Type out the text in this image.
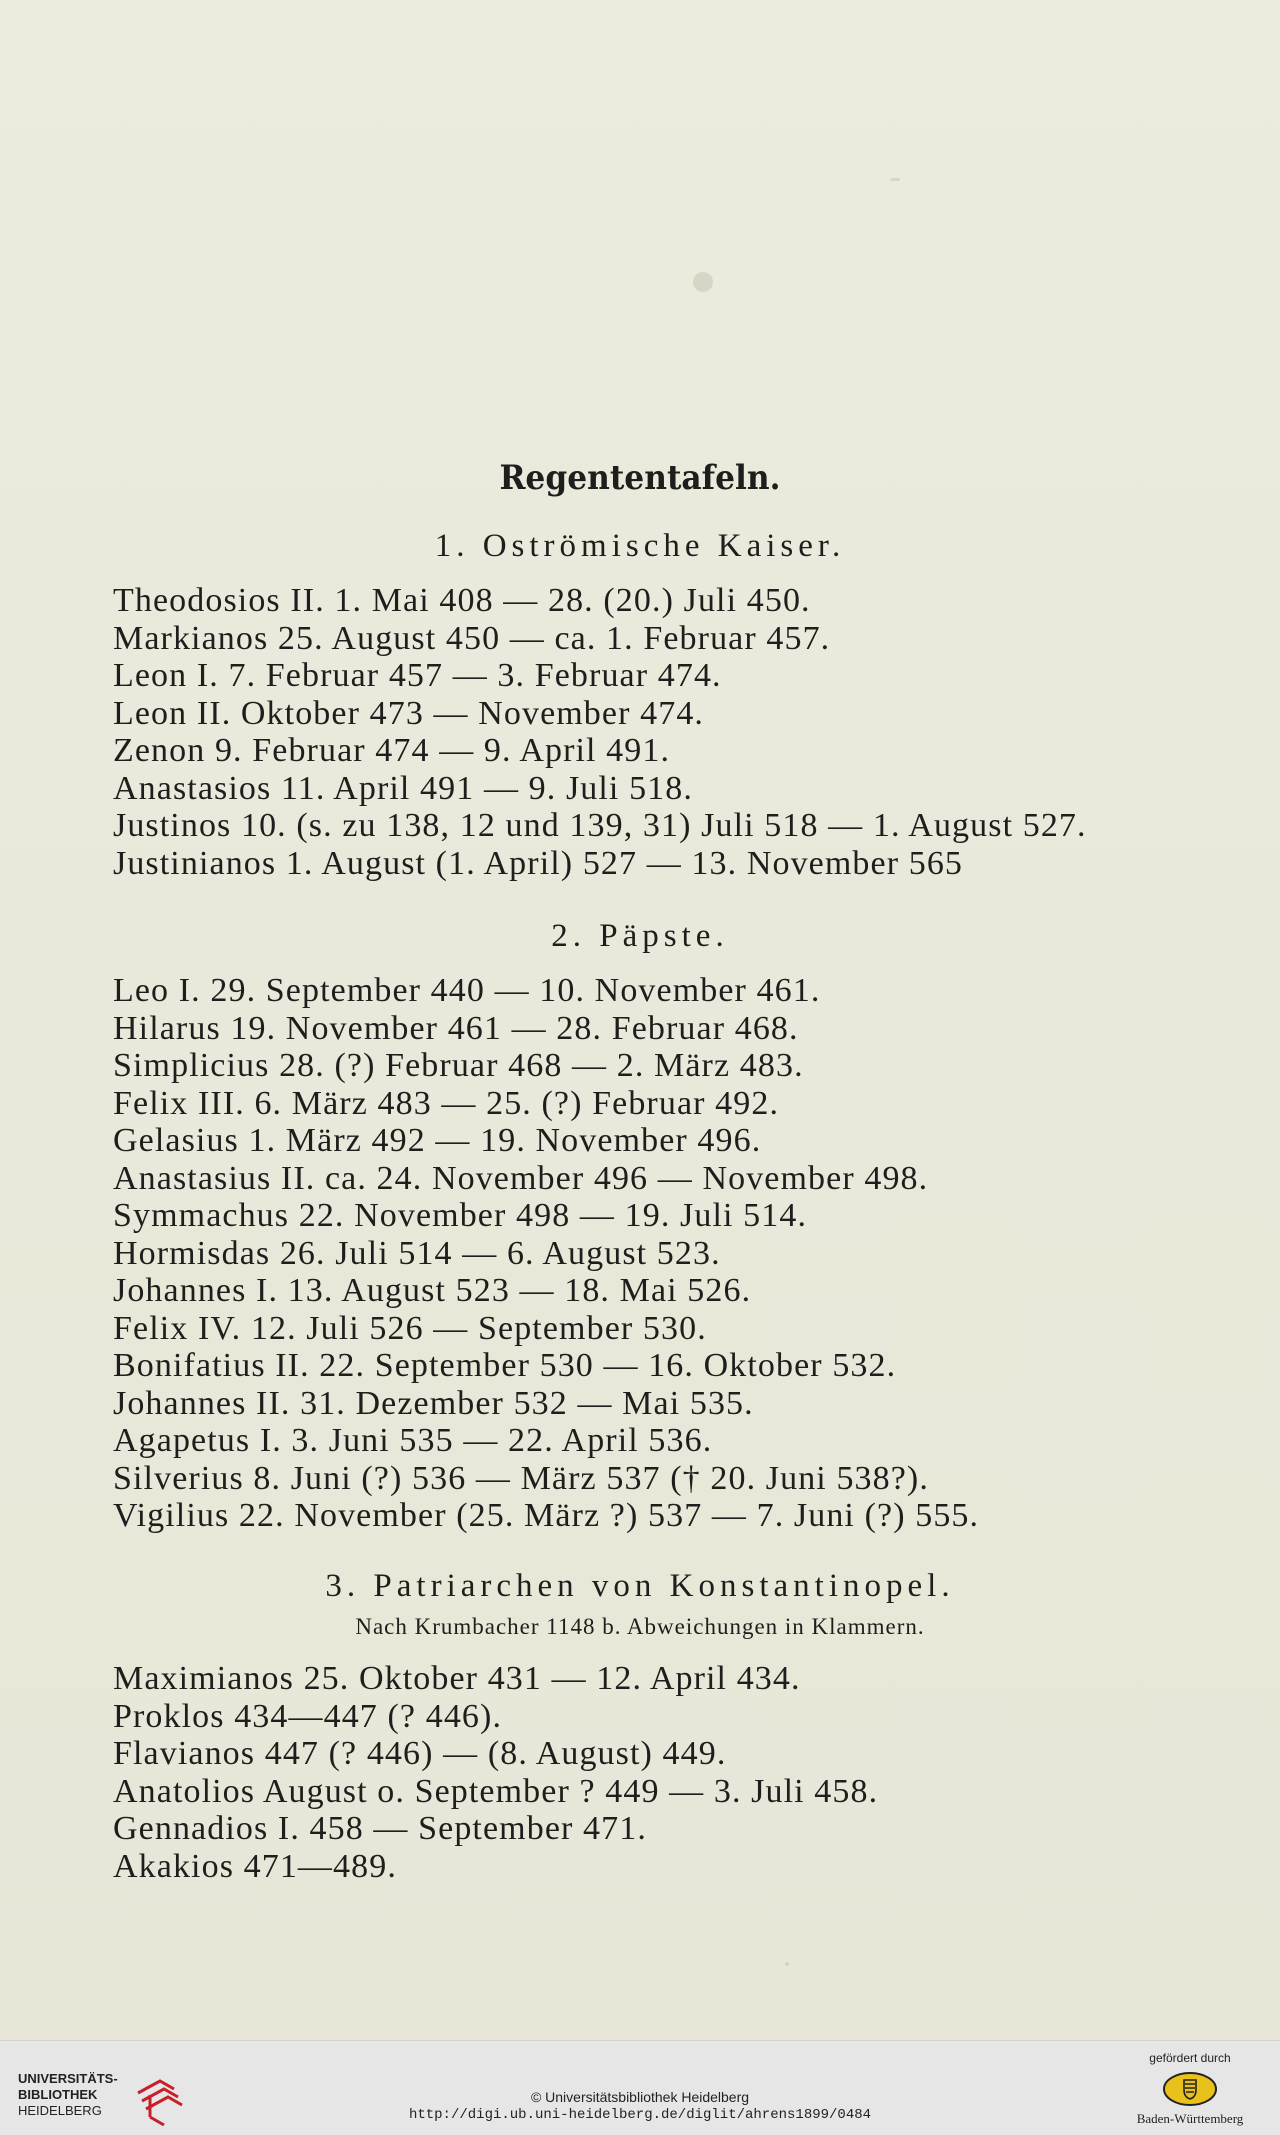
Regententafeln.
1. Oströmische Kaiser.
Theodosios II. 1. Mai 408 — 28. (20.) Juli 450.
Markianos 25. August 450 — ca. 1. Februar 457.
Leon I. 7. Februar 457 — 3. Februar 474.
Leon II. Oktober 473 — November 474.
Zenon 9. Februar 474 — 9. April 491.
Anastasios 11. April 491 — 9. Juli 518.
Justinos 10. (s. zu 138, 12 und 139, 31) Juli 518 — 1. August 527.
Justinianos 1. August (1. April) 527 — 13. November 565
2. Päpste.
Leo I. 29. September 440 — 10. November 461.
Hilarus 19. November 461 — 28. Februar 468.
Simplicius 28. (?) Februar 468 — 2. März 483.
Felix III. 6. März 483 — 25. (?) Februar 492.
Gelasius 1. März 492 — 19. November 496.
Anastasius II. ca. 24. November 496 — November 498.
Symmachus 22. November 498 — 19. Juli 514.
Hormisdas 26. Juli 514 — 6. August 523.
Johannes I. 13. August 523 — 18. Mai 526.
Felix IV. 12. Juli 526 — September 530.
Bonifatius II. 22. September 530 — 16. Oktober 532.
Johannes II. 31. Dezember 532 — Mai 535.
Agapetus I. 3. Juni 535 — 22. April 536.
Silverius 8. Juni (?) 536 — März 537 († 20. Juni 538?).
Vigilius 22. November (25. März ?) 537 — 7. Juni (?) 555.
3. Patriarchen von Konstantinopel.
Nach Krumbacher 1148 b. Abweichungen in Klammern.
Maximianos 25. Oktober 431 — 12. April 434.
Proklos 434—447 (? 446).
Flavianos 447 (? 446) — (8. August) 449.
Anatolios August o. September ? 449 — 3. Juli 458.
Gennadios I. 458 — September 471.
Akakios 471—489.
UNIVERSITÄTS-
BIBLIOTHEK
HEIDELBERG
© Universitätsbibliothek Heidelberg
http://digi.ub.uni-heidelberg.de/diglit/ahrens1899/0484
gefördert durch
Baden-Württemberg
